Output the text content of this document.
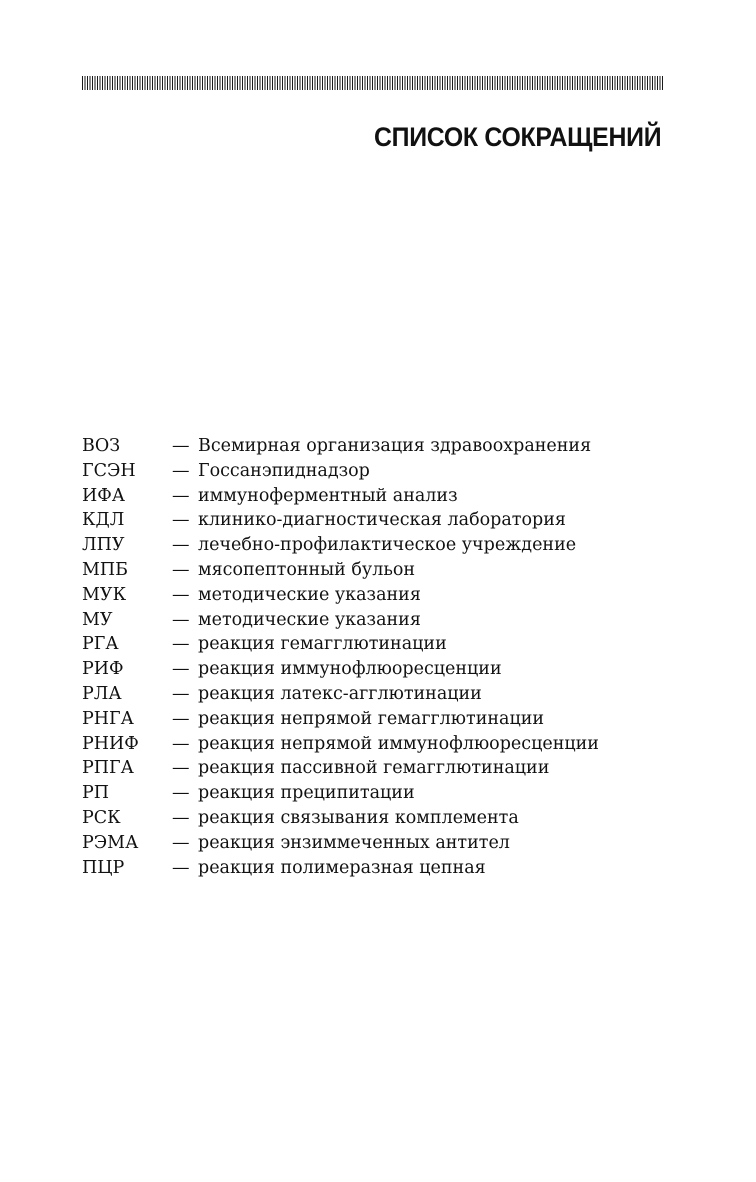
СПИСОК СОКРАЩЕНИЙ
ВОЗ	— Всемирная организация здравоохранения
ГСЭН	— Госсанэпиднадзор
ИФА	— иммуноферментный анализ
КДЛ	— клинико-диагностическая лаборатория
ЛПУ	— лечебно-профилактическое учреждение
МПБ	— мясопептонный бульон
МУК	— методические указания
МУ	— методические указания
РГА	— реакция гемагглютинации
РИФ	— реакция иммунофлюоресценции
РЛА	— реакция латекс-агглютинации
РНГА	— реакция непрямой гемагглютинации
РНИФ	— реакция непрямой иммунофлюоресценции
РПГА	— реакция пассивной гемагглютинации
РП	— реакция преципитации
РСК	— реакция связывания комплемента
РЭМА	— реакция энзиммеченных антител
ПЦР	— реакция полимеразная цепная
